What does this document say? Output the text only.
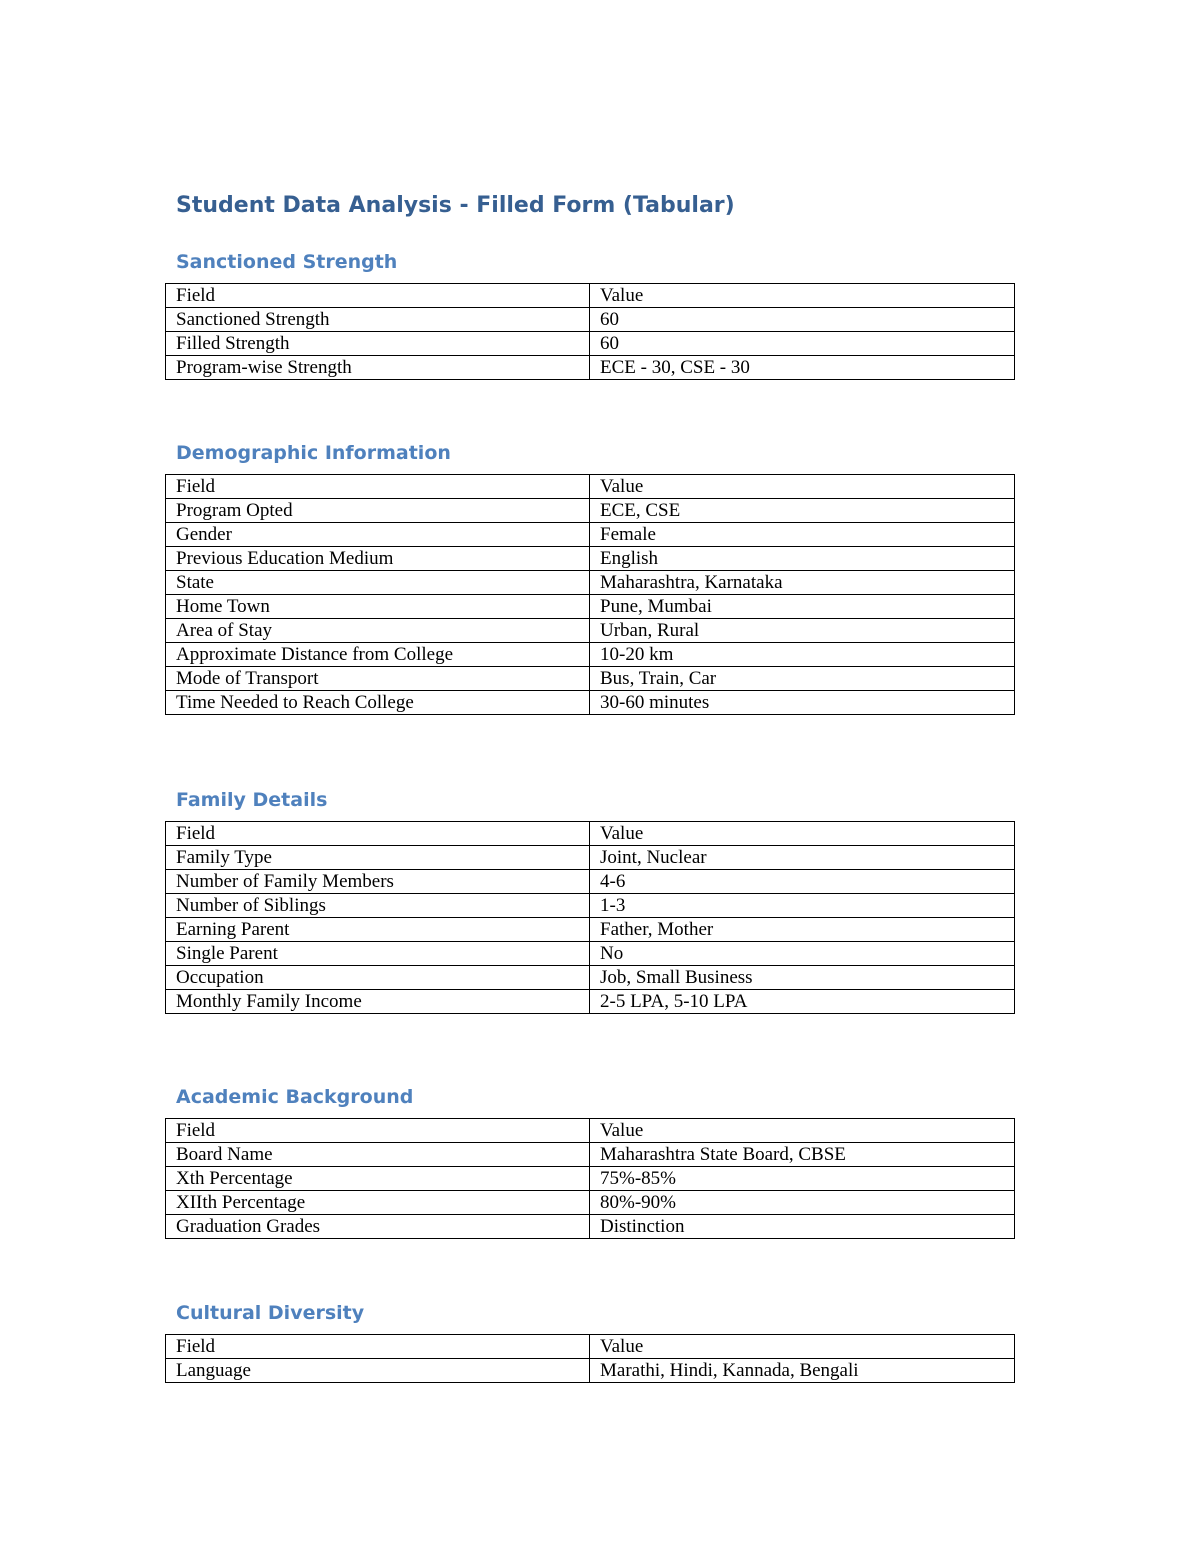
Student Data Analysis - Filled Form (Tabular)
Sanctioned Strength
Field	Value
Sanctioned Strength	60
Filled Strength	60
Program-wise Strength	ECE - 30, CSE - 30
Demographic Information
Field	Value
Program Opted	ECE, CSE
Gender	Female
Previous Education Medium	English
State	Maharashtra, Karnataka
Home Town	Pune, Mumbai
Area of Stay	Urban, Rural
Approximate Distance from College	10-20 km
Mode of Transport	Bus, Train, Car
Time Needed to Reach College	30-60 minutes
Family Details
Field	Value
Family Type	Joint, Nuclear
Number of Family Members	4-6
Number of Siblings	1-3
Earning Parent	Father, Mother
Single Parent	No
Occupation	Job, Small Business
Monthly Family Income	2-5 LPA, 5-10 LPA
Academic Background
Field	Value
Board Name	Maharashtra State Board, CBSE
Xth Percentage	75%-85%
XIIth Percentage	80%-90%
Graduation Grades	Distinction
Cultural Diversity
Field	Value
Language	Marathi, Hindi, Kannada, Bengali
